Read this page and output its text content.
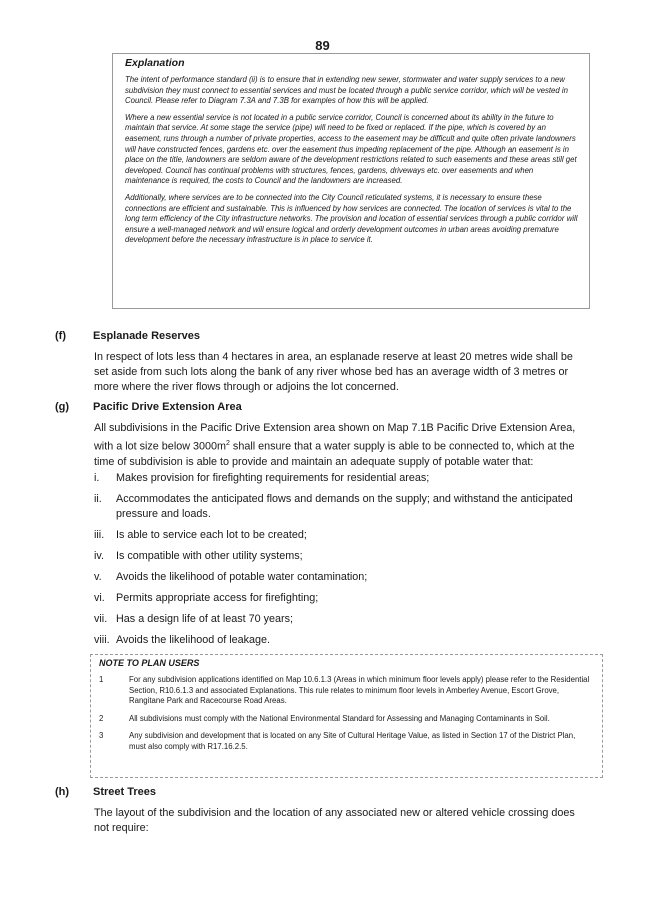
89
Explanation

The intent of performance standard (ii) is to ensure that in extending new sewer, stormwater and water supply services to a new subdivision they must connect to essential services and must be located through a public service corridor, which will be vested in Council. Please refer to Diagram 7.3A and 7.3B for examples of how this will be applied.

Where a new essential service is not located in a public service corridor, Council is concerned about its ability in the future to maintain that service. At some stage the service (pipe) will need to be fixed or replaced. If the pipe, which is covered by an easement, runs through a number of private properties, access to the easement may be difficult and quite often private landowners will have constructed fences, gardens etc. over the easement thus impeding replacement of the pipe. Although an easement is in place on the title, landowners are seldom aware of the development restrictions related to such easements and these areas still get developed. Council has continual problems with structures, fences, gardens, driveways etc. over easements and when maintenance is required, the costs to Council and the landowners are increased.

Additionally, where services are to be connected into the City Council reticulated systems, it is necessary to ensure these connections are efficient and sustainable. This is influenced by how services are connected. The location of services is vital to the long term efficiency of the City infrastructure networks. The provision and location of essential services through a public corridor will ensure a well-managed network and will ensure logical and orderly development outcomes in urban areas avoiding premature development before the necessary infrastructure is in place to service it.

(f) Esplanade Reserves

In respect of lots less than 4 hectares in area, an esplanade reserve at least 20 metres wide shall be set aside from such lots along the bank of any river whose bed has an average width of 3 metres or more where the river flows through or adjoins the lot concerned.

(g) Pacific Drive Extension Area

All subdivisions in the Pacific Drive Extension area shown on Map 7.1B Pacific Drive Extension Area, with a lot size below $3000m^2$ shall ensure that a water supply is able to be connected to, which at the time of subdivision is able to provide and maintain an adequate supply of potable water that:

i. Makes provision for firefighting requirements for residential areas;
ii. Accommodates the anticipated flows and demands on the supply; and withstand the anticipated pressure and loads.
iii. Is able to service each lot to be created;
iv. Is compatible with other utility systems;
v. Avoids the likelihood of potable water contamination;
vi. Permits appropriate access for firefighting;
vii. Has a design life of at least 70 years;
viii. Avoids the likelihood of leakage.
NOTE TO PLAN USERS
1	For any subdivision applications identified on Map 10.6.1.3 (Areas in which minimum floor levels apply) please refer to the Residential Section, R10.6.1.3 and associated Explanations. This rule relates to minimum floor levels in Amberley Avenue, Escort Grove, Rangitane Park and Racecourse Road Areas.
2	All subdivisions must comply with the National Environmental Standard for Assessing and Managing Contaminants in Soil.
3	Any subdivision and development that is located on any Site of Cultural Heritage Value, as listed in Section 17 of the District Plan, must also comply with R17.16.2.5.
(h) Street Trees

The layout of the subdivision and the location of any associated new or altered vehicle crossing does not require:
